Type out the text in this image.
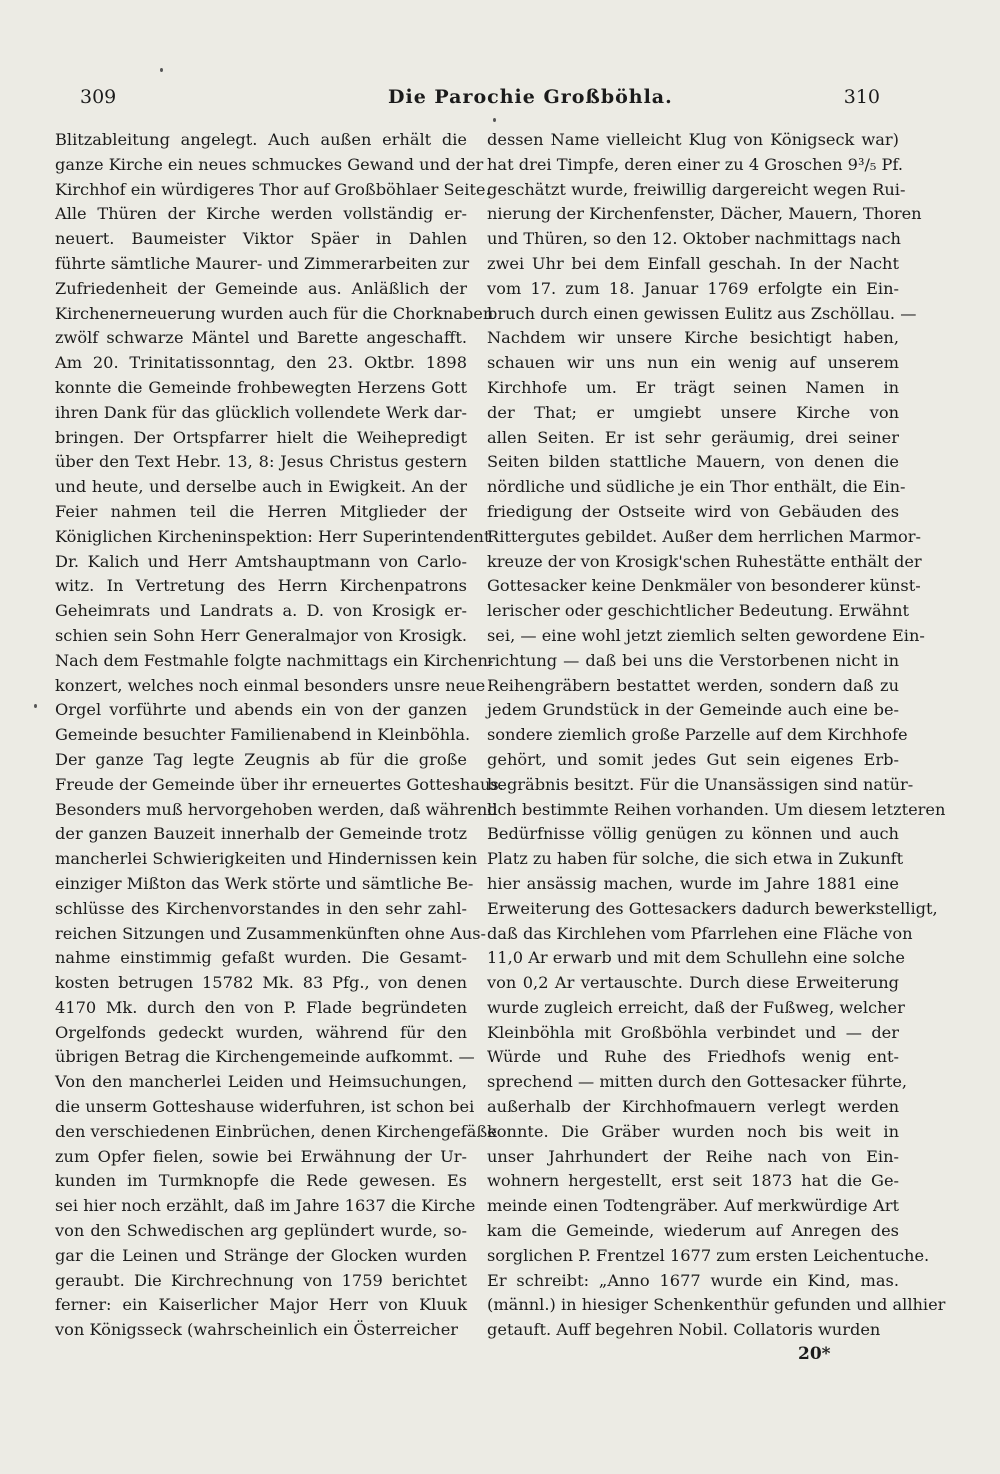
309	Die Parochie Großböhla.	310
Blitzableitung angelegt. Auch außen erhält die
ganze Kirche ein neues schmuckes Gewand und der
Kirchhof ein würdigeres Thor auf Großböhlaer Seite.
Alle Thüren der Kirche werden vollständig er-
neuert. Baumeister Viktor Späer in Dahlen
führte sämtliche Maurer- und Zimmerarbeiten zur
Zufriedenheit der Gemeinde aus. Anläßlich der
Kirchenerneuerung wurden auch für die Chorknaben
zwölf schwarze Mäntel und Barette angeschafft.
Am 20. Trinitatissonntag, den 23. Oktbr. 1898
konnte die Gemeinde frohbewegten Herzens Gott
ihren Dank für das glücklich vollendete Werk dar-
bringen. Der Ortspfarrer hielt die Weihepredigt
über den Text Hebr. 13, 8: Jesus Christus gestern
und heute, und derselbe auch in Ewigkeit. An der
Feier nahmen teil die Herren Mitglieder der
Königlichen Kircheninspektion: Herr Superintendent
Dr. Kalich und Herr Amtshauptmann von Carlo-
witz. In Vertretung des Herrn Kirchenpatrons
Geheimrats und Landrats a. D. von Krosigk er-
schien sein Sohn Herr Generalmajor von Krosigk.
Nach dem Festmahle folgte nachmittags ein Kirchen-
konzert, welches noch einmal besonders unsre neue
Orgel vorführte und abends ein von der ganzen
Gemeinde besuchter Familienabend in Kleinböhla.
Der ganze Tag legte Zeugnis ab für die große
Freude der Gemeinde über ihr erneuertes Gotteshaus.
Besonders muß hervorgehoben werden, daß während
der ganzen Bauzeit innerhalb der Gemeinde trotz
mancherlei Schwierigkeiten und Hindernissen kein
einziger Mißton das Werk störte und sämtliche Be-
schlüsse des Kirchenvorstandes in den sehr zahl-
reichen Sitzungen und Zusammenkünften ohne Aus-
nahme einstimmig gefaßt wurden. Die Gesamt-
kosten betrugen 15782 Mk. 83 Pfg., von denen
4170 Mk. durch den von P. Flade begründeten
Orgelfonds gedeckt wurden, während für den
übrigen Betrag die Kirchengemeinde aufkommt. —
Von den mancherlei Leiden und Heimsuchungen,
die unserm Gotteshause widerfuhren, ist schon bei
den verschiedenen Einbrüchen, denen Kirchengefäße
zum Opfer fielen, sowie bei Erwähnung der Ur-
kunden im Turmknopfe die Rede gewesen. Es
sei hier noch erzählt, daß im Jahre 1637 die Kirche
von den Schwedischen arg geplündert wurde, so-
gar die Leinen und Stränge der Glocken wurden
geraubt. Die Kirchrechnung von 1759 berichtet
ferner: ein Kaiserlicher Major Herr von Kluuk
von Königsseck (wahrscheinlich ein Österreicher
dessen Name vielleicht Klug von Königseck war)
hat drei Timpfe, deren einer zu 4 Groschen 9³/₅ Pf.
geschätzt wurde, freiwillig dargereicht wegen Rui-
nierung der Kirchenfenster, Dächer, Mauern, Thoren
und Thüren, so den 12. Oktober nachmittags nach
zwei Uhr bei dem Einfall geschah. In der Nacht
vom 17. zum 18. Januar 1769 erfolgte ein Ein-
bruch durch einen gewissen Eulitz aus Zschöllau. —
Nachdem wir unsere Kirche besichtigt haben,
schauen wir uns nun ein wenig auf unserem
Kirchhofe um. Er trägt seinen Namen in
der That; er umgiebt unsere Kirche von
allen Seiten. Er ist sehr geräumig, drei seiner
Seiten bilden stattliche Mauern, von denen die
nördliche und südliche je ein Thor enthält, die Ein-
friedigung der Ostseite wird von Gebäuden des
Rittergutes gebildet. Außer dem herrlichen Marmor-
kreuze der von Krosigk'schen Ruhestätte enthält der
Gottesacker keine Denkmäler von besonderer künst-
lerischer oder geschichtlicher Bedeutung. Erwähnt
sei, — eine wohl jetzt ziemlich selten gewordene Ein-
richtung — daß bei uns die Verstorbenen nicht in
Reihengräbern bestattet werden, sondern daß zu
jedem Grundstück in der Gemeinde auch eine be-
sondere ziemlich große Parzelle auf dem Kirchhofe
gehört, und somit jedes Gut sein eigenes Erb-
begräbnis besitzt. Für die Unansässigen sind natür-
lich bestimmte Reihen vorhanden. Um diesem letzteren
Bedürfnisse völlig genügen zu können und auch
Platz zu haben für solche, die sich etwa in Zukunft
hier ansässig machen, wurde im Jahre 1881 eine
Erweiterung des Gottesackers dadurch bewerkstelligt,
daß das Kirchlehen vom Pfarrlehen eine Fläche von
11,0 Ar erwarb und mit dem Schullehn eine solche
von 0,2 Ar vertauschte. Durch diese Erweiterung
wurde zugleich erreicht, daß der Fußweg, welcher
Kleinböhla mit Großböhla verbindet und — der
Würde und Ruhe des Friedhofs wenig ent-
sprechend — mitten durch den Gottesacker führte,
außerhalb der Kirchhofmauern verlegt werden
konnte. Die Gräber wurden noch bis weit in
unser Jahrhundert der Reihe nach von Ein-
wohnern hergestellt, erst seit 1873 hat die Ge-
meinde einen Todtengräber. Auf merkwürdige Art
kam die Gemeinde, wiederum auf Anregen des
sorglichen P. Frentzel 1677 zum ersten Leichentuche.
Er schreibt: „Anno 1677 wurde ein Kind, mas.
(männl.) in hiesiger Schenkenthür gefunden und allhier
getauft. Auff begehren Nobil. Collatoris wurden
20*
